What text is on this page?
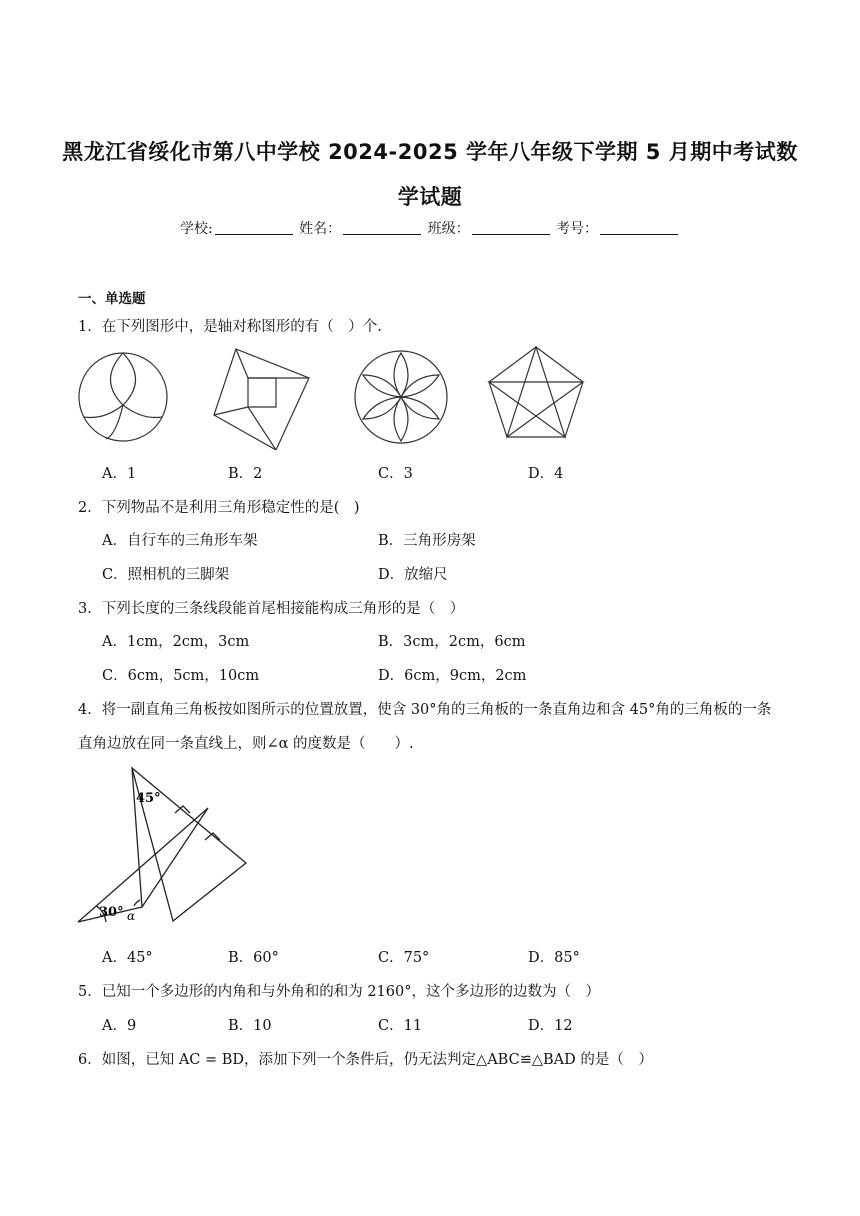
黑龙江省绥化市第八中学校 2024-2025 学年八年级下学期 5 月期中考试数
学试题
学校:	姓名：	班级：	考号：
一、单选题
1．在下列图形中，是轴对称图形的有（　）个.
A．1	B．2	C．3	D．4
2．下列物品不是利用三角形稳定性的是(　)
A．自行车的三角形车架	B．三角形房架
C．照相机的三脚架	D．放缩尺
3．下列长度的三条线段能首尾相接能构成三角形的是（　）
A．1cm，2cm，3cm	B．3cm，2cm，6cm
C．6cm，5cm，10cm	D．6cm，9cm，2cm
4．将一副直角三角板按如图所示的位置放置，使含 30°角的三角板的一条直角边和含 45°角的三角板的一条
直角边放在同一条直线上，则∠α 的度数是（　　）.
45°
30° α
A．45°	B．60°	C．75°	D．85°
5．已知一个多边形的内角和与外角和的和为 2160°，这个多边形的边数为（　）
A．9	B．10	C．11	D．12
6．如图，已知 AC = BD，添加下列一个条件后，仍无法判定△ABC≌△BAD 的是（　）
